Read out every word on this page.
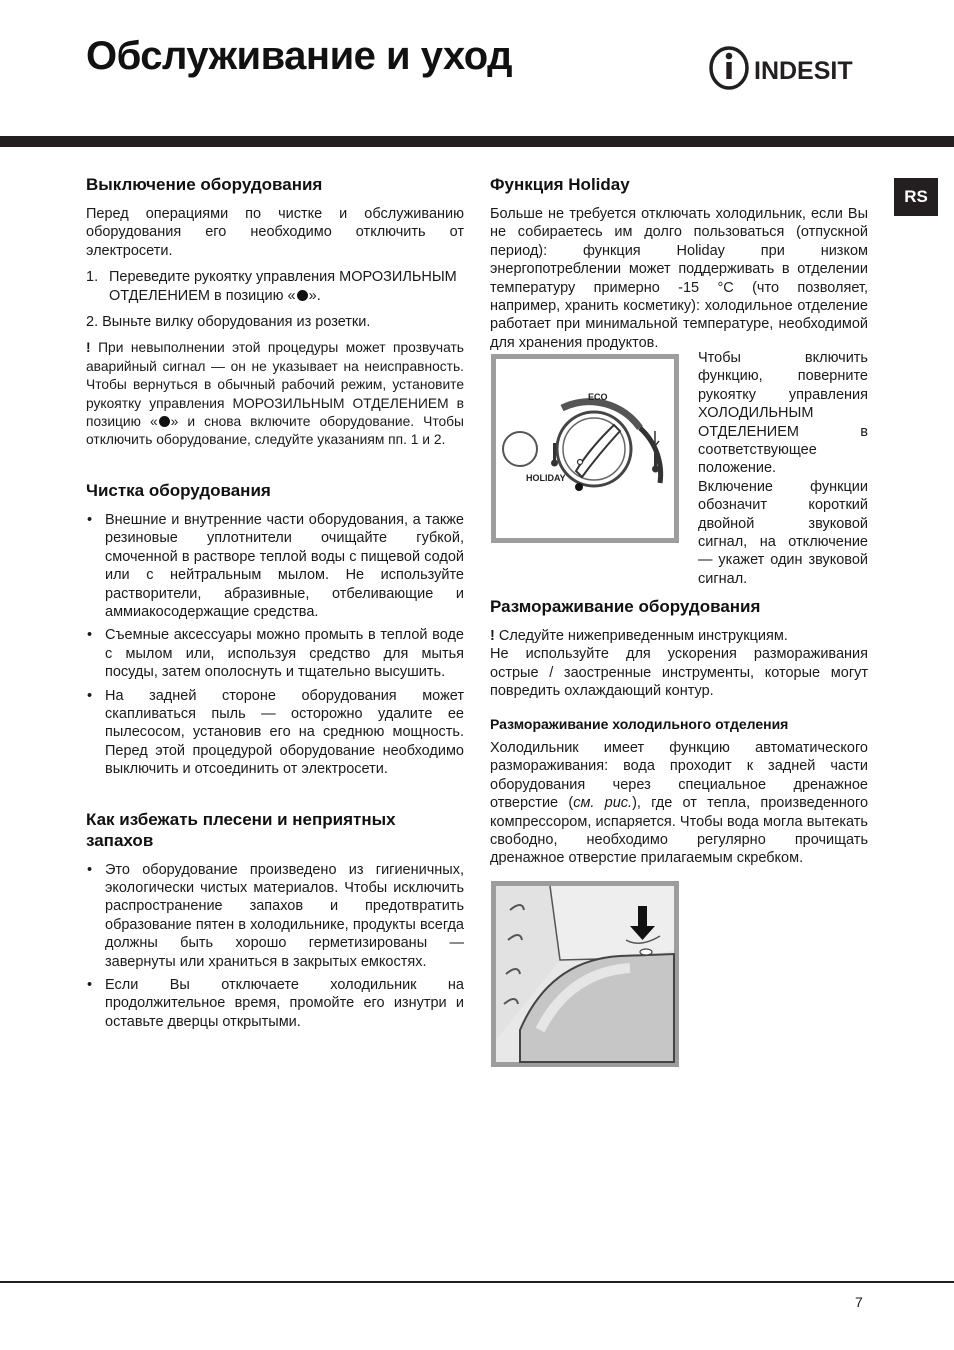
Обслуживание и уход	INDESIT
RS
Выключение оборудования

Перед операциями по чистке и обслуживанию оборудования его необходимо отключить от электросети.

1. Переведите рукоятку управления МОРОЗИЛЬНЫМ ОТДЕЛЕНИЕМ в позицию « ».

2. Выньте вилку оборудования из розетки.

! При невыполнении этой процедуры может прозвучать аварийный сигнал — он не указывает на неисправность. Чтобы вернуться в обычный рабочий режим, установите рукоятку управления МОРОЗИЛЬНЫМ ОТДЕЛЕНИЕМ в позицию « » и снова включите оборудование. Чтобы отключить оборудование, следуйте указаниям пп. 1 и 2.

Чистка оборудования
• Внешние и внутренние части оборудования, а также резиновые уплотнители очищайте губкой, смоченной в растворе теплой воды с пищевой содой или с нейтральным мылом. Не используйте растворители, абразивные, отбеливающие и аммиакосодержащие средства.
• Съемные аксессуары можно промыть в теплой воде с мылом или, используя средство для мытья посуды, затем ополоснуть и тщательно высушить.
• На задней стороне оборудования может скапливаться пыль — осторожно удалите ее пылесосом, установив его на среднюю мощность. Перед этой процедурой оборудование необходимо выключить и отсоединить от электросети.
Как избежать плесени и неприятных запахов
• Это оборудование произведено из гигиеничных, экологически чистых материалов. Чтобы исключить распространение запахов и предотвратить образование пятен в холодильнике, продукты всегда должны быть хорошо герметизированы — завернуты или храниться в закрытых емкостях.
• Если Вы отключаете холодильник на продолжительное время, промойте его изнутри и оставьте дверцы открытыми.
Функция Holiday

Больше не требуется отключать холодильник, если Вы не собираетесь им долго пользоваться (отпускной период): функция Holiday при низком энергопотреблении может поддерживать в отделении температуру примерно -15 °C (что позволяет, например, хранить косметику): холодильное отделение работает при минимальной температуре, необходимой для хранения продуктов.

ECO
HOLIDAY

Чтобы включить функцию, поверните рукоятку управления ХОЛОДИЛЬНЫМ ОТДЕЛЕНИЕМ в соответствующее положение.

Включение функции обозначит короткий двойной звуковой сигнал, на отключение — укажет один звуковой сигнал.

Размораживание оборудования

! Следуйте нижеприведенным инструкциям.

Не используйте для ускорения размораживания острые / заостренные инструменты, которые могут повредить охлаждающий контур.

Размораживание холодильного отделения

Холодильник имеет функцию автоматического размораживания: вода проходит к задней части оборудования через специальное дренажное отверстие (см. рис.), где от тепла, произведенного компрессором, испаряется. Чтобы вода могла вытекать свободно, необходимо регулярно прочищать дренажное отверстие прилагаемым скребком.

7
